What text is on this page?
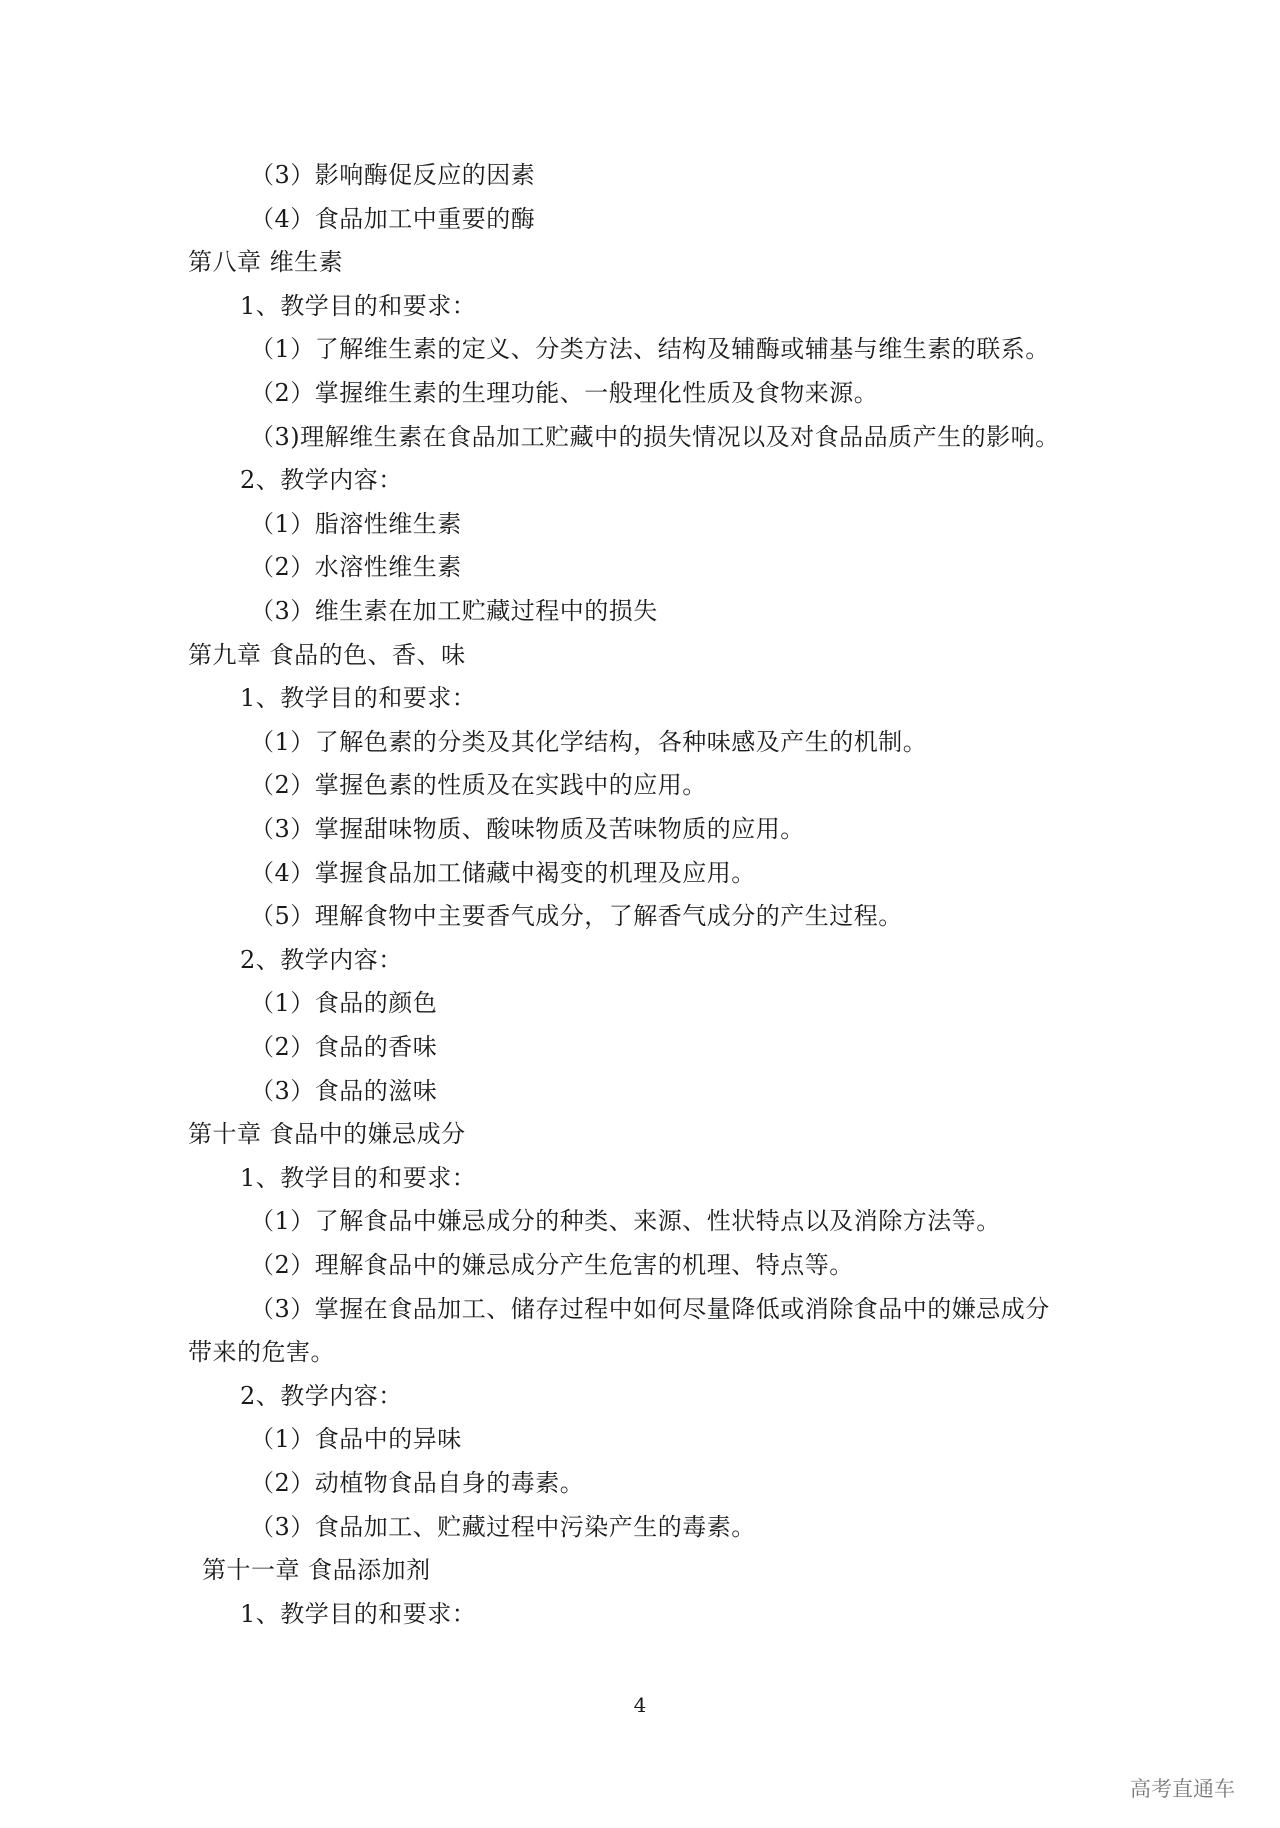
（3）影响酶促反应的因素
（4）食品加工中重要的酶
第八章 维生素
1、教学目的和要求：
（1）了解维生素的定义、分类方法、结构及辅酶或辅基与维生素的联系。
（2）掌握维生素的生理功能、一般理化性质及食物来源。
（3)理解维生素在食品加工贮藏中的损失情况以及对食品品质产生的影响。
2、教学内容：
（1）脂溶性维生素
（2）水溶性维生素
（3）维生素在加工贮藏过程中的损失
第九章 食品的色、香、味
1、教学目的和要求：
（1）了解色素的分类及其化学结构，各种味感及产生的机制。
（2）掌握色素的性质及在实践中的应用。
（3）掌握甜味物质、酸味物质及苦味物质的应用。
（4）掌握食品加工储藏中褐变的机理及应用。
（5）理解食物中主要香气成分，了解香气成分的产生过程。
2、教学内容：
（1）食品的颜色
（2）食品的香味
（3）食品的滋味
第十章 食品中的嫌忌成分
1、教学目的和要求：
（1）了解食品中嫌忌成分的种类、来源、性状特点以及消除方法等。
（2）理解食品中的嫌忌成分产生危害的机理、特点等。
（3）掌握在食品加工、储存过程中如何尽量降低或消除食品中的嫌忌成分
带来的危害。
2、教学内容：
（1）食品中的异味
（2）动植物食品自身的毒素。
（3）食品加工、贮藏过程中污染产生的毒素。
第十一章 食品添加剂
1、教学目的和要求：
4
高考直通车
